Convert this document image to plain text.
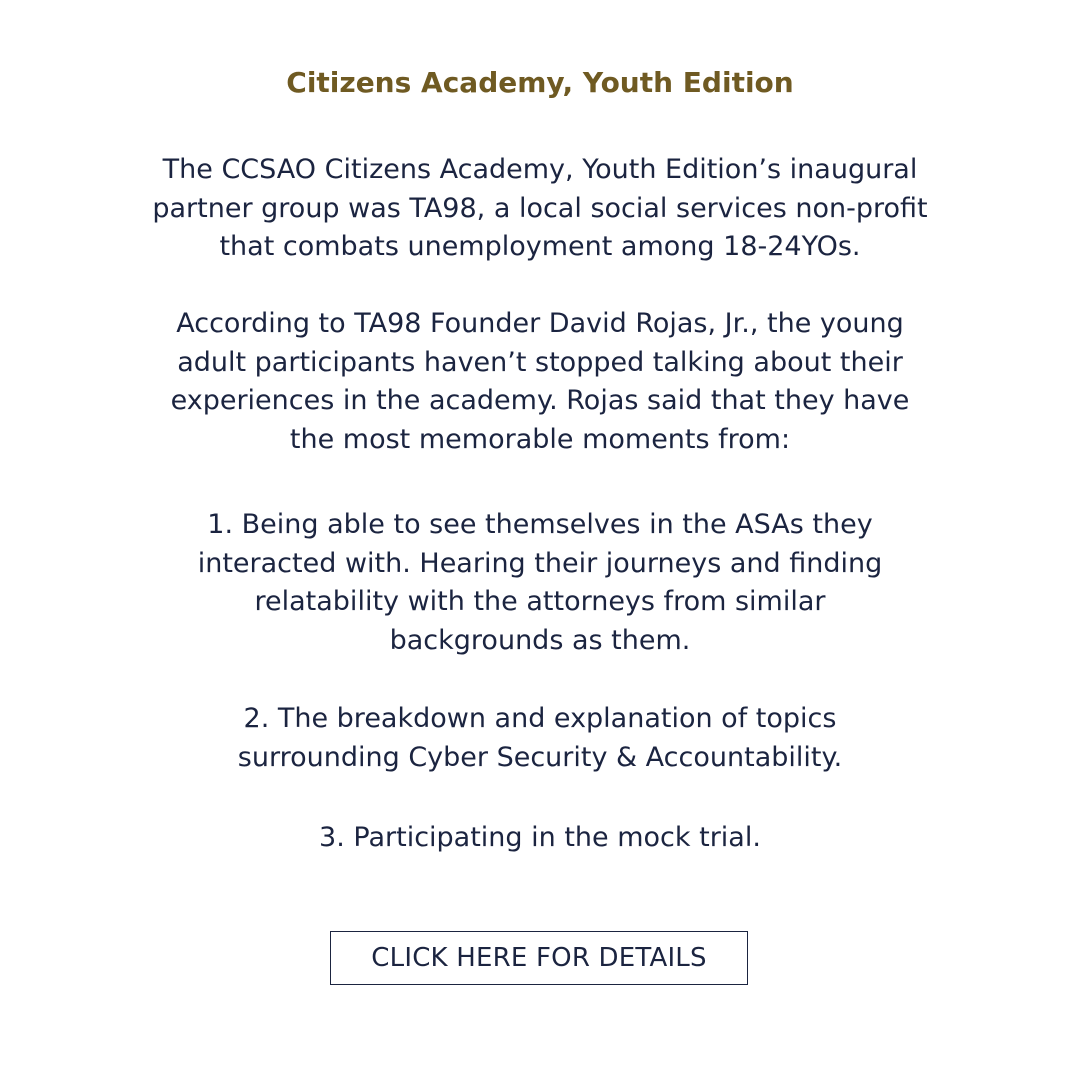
Citizens Academy, Youth Edition

The CCSAO Citizens Academy, Youth Edition’s inaugural
partner group was TA98, a local social services non-profit
that combats unemployment among 18-24YOs.

According to TA98 Founder David Rojas, Jr., the young
adult participants haven’t stopped talking about their
experiences in the academy. Rojas said that they have
the most memorable moments from:

1. Being able to see themselves in the ASAs they
interacted with. Hearing their journeys and finding
relatability with the attorneys from similar
backgrounds as them.

2. The breakdown and explanation of topics
surrounding Cyber Security & Accountability.

3. Participating in the mock trial.

CLICK HERE FOR DETAILS
